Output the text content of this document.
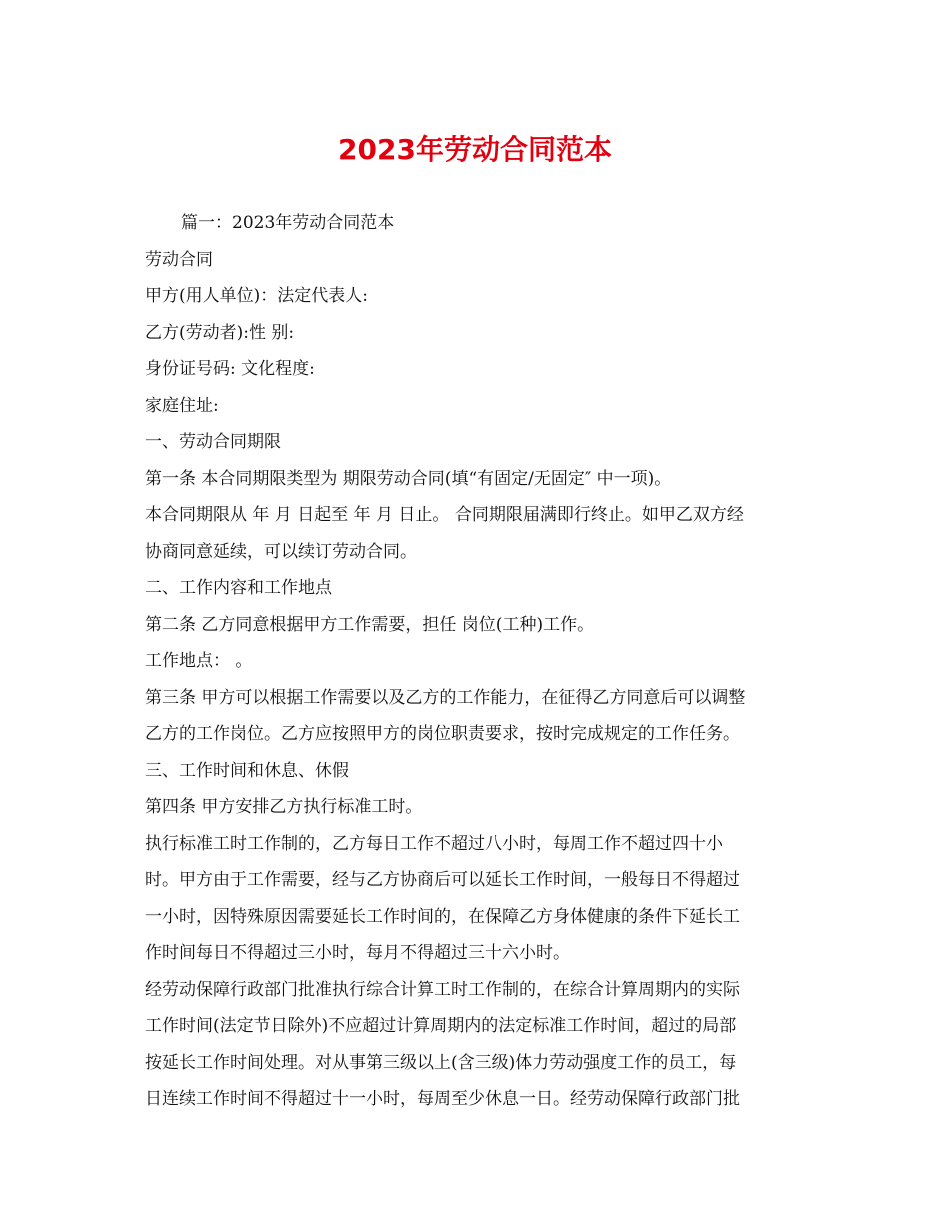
2023年劳动合同范本

篇一：2023年劳动合同范本

劳动合同

甲方(用人单位)：法定代表人:

乙方(劳动者):性 别:

身份证号码: 文化程度:

家庭住址:

一、劳动合同期限

第一条 本合同期限类型为 期限劳动合同(填“有固定/无固定″ 中一项)。

本合同期限从 年 月 日起至 年 月 日止。 合同期限届满即行终止。如甲乙双方经

协商同意延续，可以续订劳动合同。

二、工作内容和工作地点

第二条 乙方同意根据甲方工作需要，担任 岗位(工种)工作。

工作地点： 。

第三条 甲方可以根据工作需要以及乙方的工作能力，在征得乙方同意后可以调整

乙方的工作岗位。乙方应按照甲方的岗位职责要求，按时完成规定的工作任务。

三、工作时间和休息、休假

第四条 甲方安排乙方执行标准工时。

执行标准工时工作制的，乙方每日工作不超过八小时，每周工作不超过四十小

时。甲方由于工作需要，经与乙方协商后可以延长工作时间，一般每日不得超过

一小时，因特殊原因需要延长工作时间的，在保障乙方身体健康的条件下延长工

作时间每日不得超过三小时，每月不得超过三十六小时。

经劳动保障行政部门批准执行综合计算工时工作制的，在综合计算周期内的实际

工作时间(法定节日除外)不应超过计算周期内的法定标准工作时间，超过的局部

按延长工作时间处理。对从事第三级以上(含三级)体力劳动强度工作的员工，每

日连续工作时间不得超过十一小时，每周至少休息一日。经劳动保障行政部门批
